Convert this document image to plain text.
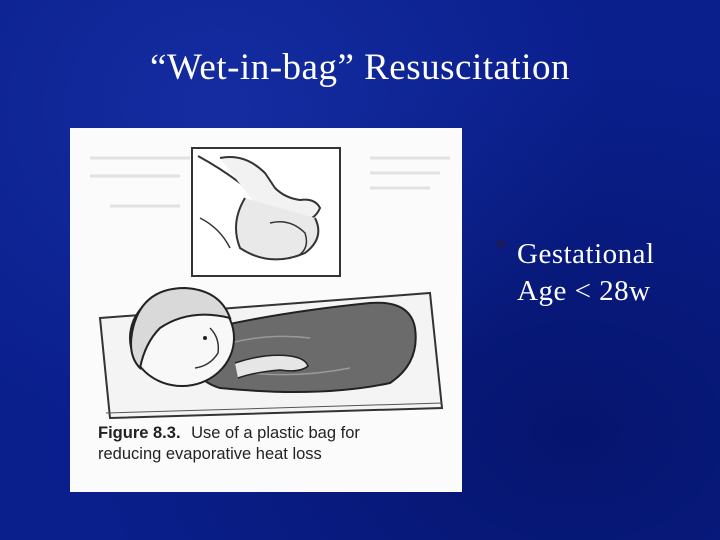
“Wet-in-bag” Resuscitation
Figure 8.3. Use of a plastic bag for
reducing evaporative heat loss
Gestational
Age < 28w
